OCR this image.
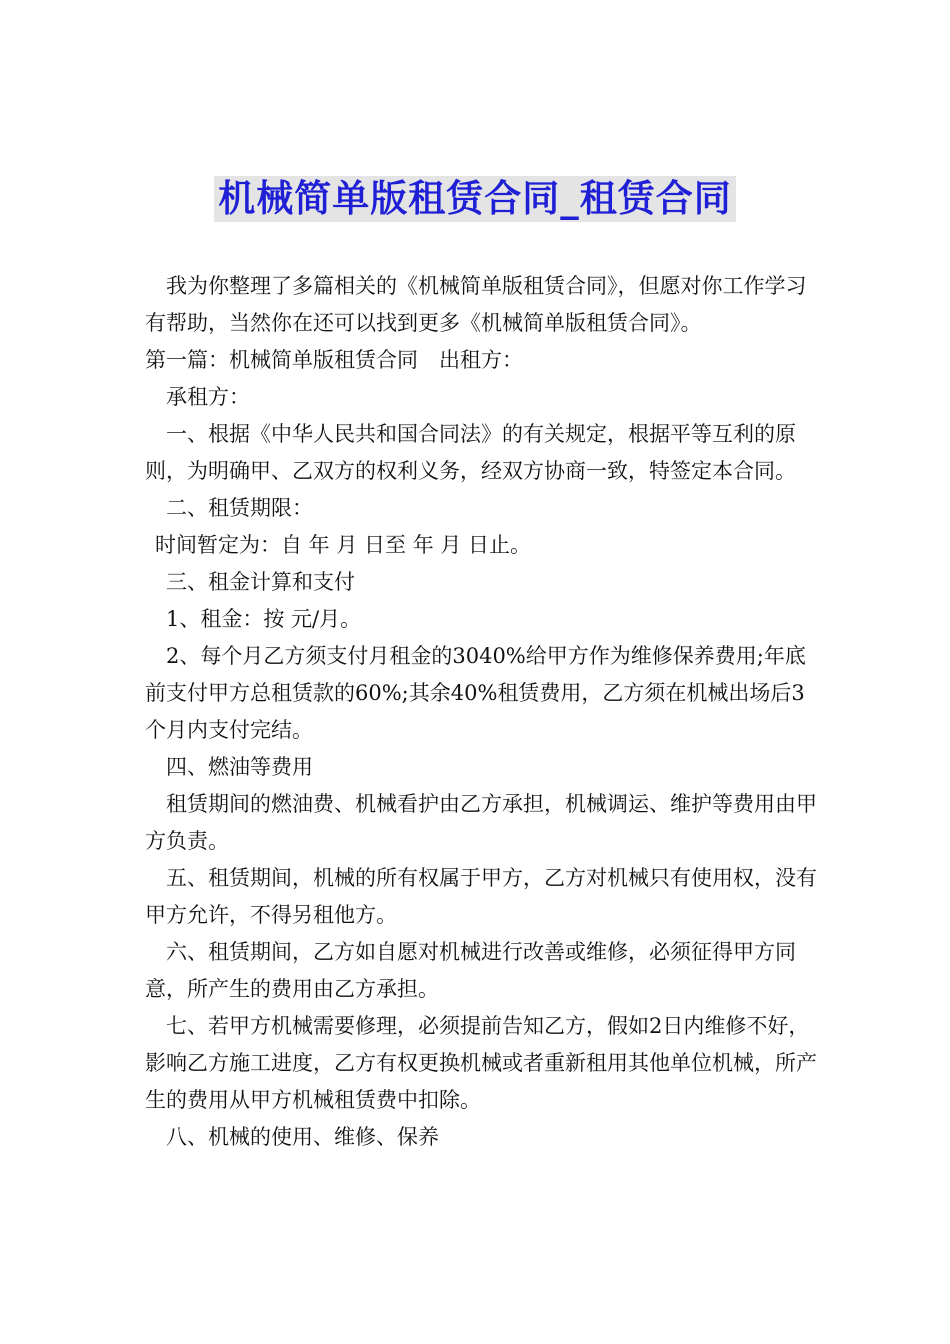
机械简单版租赁合同_租赁合同

我为你整理了多篇相关的《机械简单版租赁合同》，但愿对你工作学习有帮助，当然你在还可以找到更多《机械简单版租赁合同》。

第一篇：机械简单版租赁合同　出租方：

承租方：

一、根据《中华人民共和国合同法》的有关规定，根据平等互利的原则，为明确甲、乙双方的权利义务，经双方协商一致，特签定本合同。

二、租赁期限：

时间暂定为：自 年 月 日至 年 月 日止。

三、租金计算和支付

1、租金：按 元/月。

2、每个月乙方须支付月租金的3040%给甲方作为维修保养费用;年底前支付甲方总租赁款的60%;其余40%租赁费用，乙方须在机械出场后3个月内支付完结。

四、燃油等费用

租赁期间的燃油费、机械看护由乙方承担，机械调运、维护等费用由甲方负责。

五、租赁期间，机械的所有权属于甲方，乙方对机械只有使用权，没有甲方允许，不得另租他方。

六、租赁期间，乙方如自愿对机械进行改善或维修，必须征得甲方同意，所产生的费用由乙方承担。

七、若甲方机械需要修理，必须提前告知乙方，假如2日内维修不好，影响乙方施工进度，乙方有权更换机械或者重新租用其他单位机械，所产生的费用从甲方机械租赁费中扣除。

八、机械的使用、维修、保养
